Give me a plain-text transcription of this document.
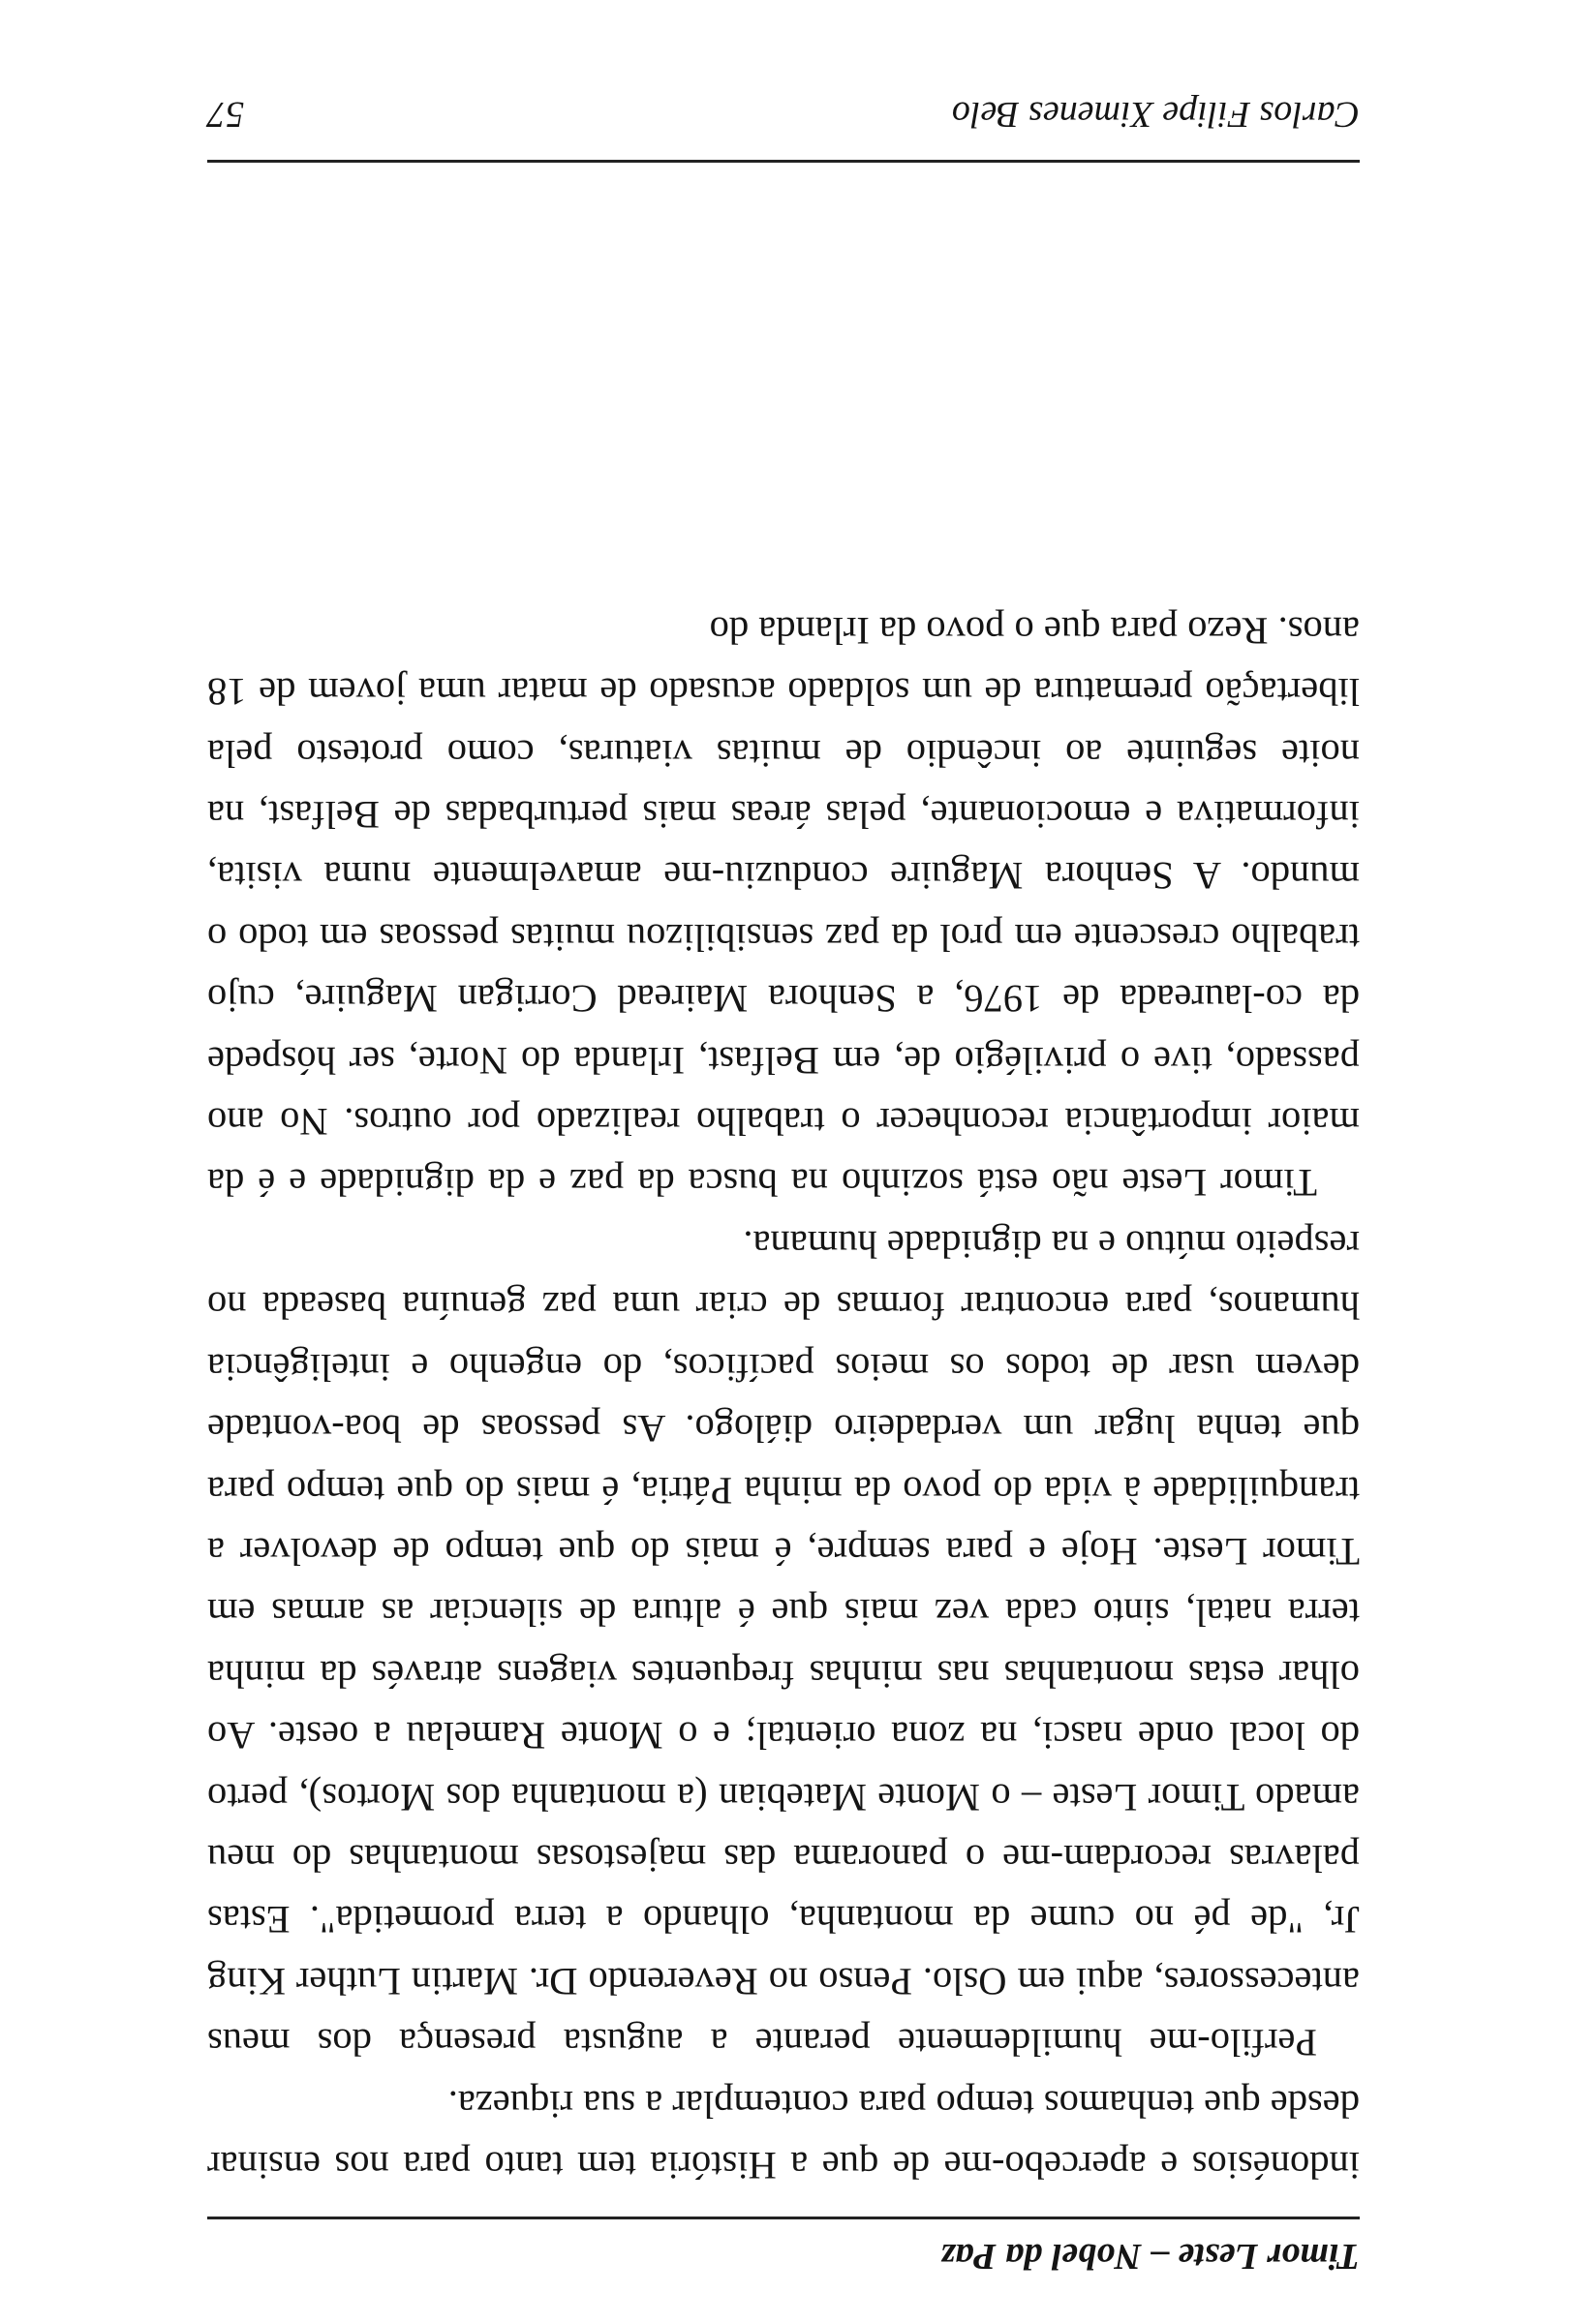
Timor Leste – Nobel da Paz

indonésios e apercebo-me de que a História tem tanto para nos ensinar desde que tenhamos tempo para contemplar a sua riqueza.

Perfilo-me humildemente perante a augusta presença dos meus antecessores, aqui em Oslo. Penso no Reverendo Dr. Martin Luther King Jr, "de pé no cume da montanha, olhando a terra prometida". Estas palavras recordam-me o panorama das majestosas montanhas do meu amado Timor Leste – o Monte Matebian (a montanha dos Mortos), perto do local onde nasci, na zona oriental; e o Monte Ramelau a oeste. Ao olhar estas montanhas nas minhas frequentes viagens através da minha terra natal, sinto cada vez mais que é altura de silenciar as armas em Timor Leste. Hoje e para sempre, é mais do que tempo de devolver a tranquilidade à vida do povo da minha Pátria, é mais do que tempo para que tenha lugar um verdadeiro diálogo. As pessoas de boa-vontade devem usar de todos os meios pacíficos, do engenho e inteligência humanos, para encontrar formas de criar uma paz genuína baseada no respeito mútuo e na dignidade humana.

Timor Leste não está sozinho na busca da paz e da dignidade e é da maior importância reconhecer o trabalho realizado por outros. No ano passado, tive o privilégio de, em Belfast, Irlanda do Norte, ser hóspede da co-laureada de 1976, a Senhora Mairead Corrigan Maguire, cujo trabalho crescente em prol da paz sensibilizou muitas pessoas em todo o mundo. A Senhora Maguire conduziu-me amavelmente numa visita, informativa e emocionante, pelas áreas mais perturbadas de Belfast, na noite seguinte ao incêndio de muitas viaturas, como protesto pela libertação prematura de um soldado acusado de matar uma jovem de 18 anos. Rezo para que o povo da Irlanda do

Carlos Filipe Ximenes Belo
57
